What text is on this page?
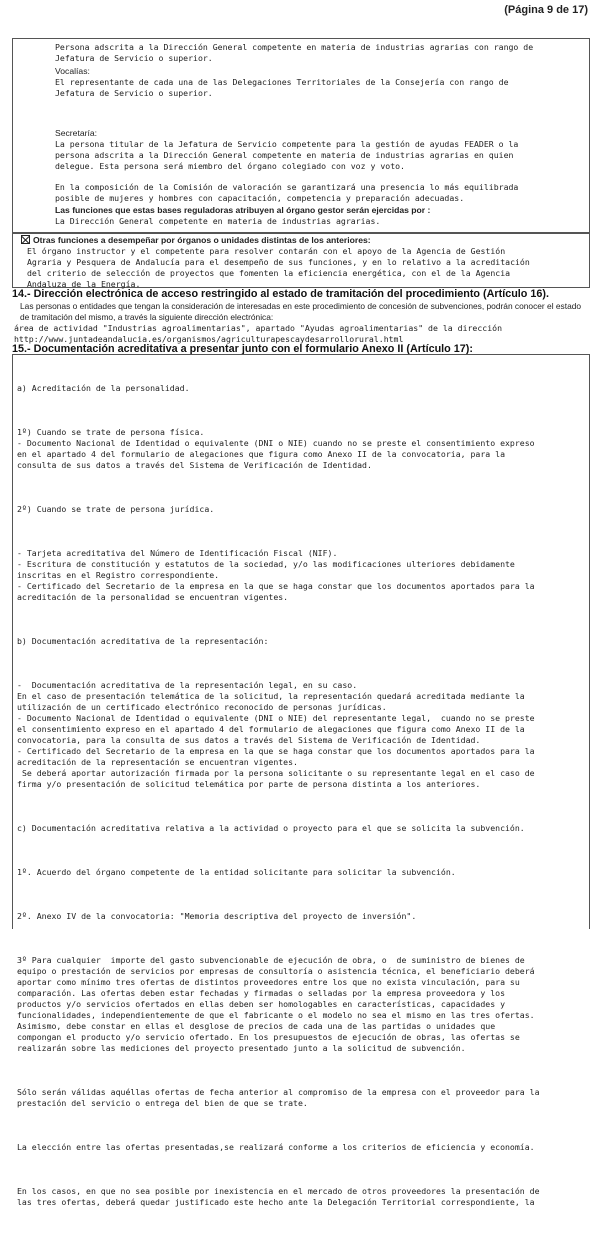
(Página 9 de 17)
Persona adscrita a la Dirección General competente en materia de industrias agrarias con rango de
Jefatura de Servicio o superior.
Vocalías:
El representante de cada una de las Delegaciones Territoriales de la Consejería con rango de
Jefatura de Servicio o superior.
Secretaría:
La persona titular de la Jefatura de Servicio competente para la gestión de ayudas FEADER o la
persona adscrita a la Dirección General competente en materia de industrias agrarias en quien
delegue. Esta persona será miembro del órgano colegiado con voz y voto.
En la composición de la Comisión de valoración se garantizará una presencia lo más equilibrada
posible de mujeres y hombres con capacitación, competencia y preparación adecuadas.
Las funciones que estas bases reguladoras atribuyen al órgano gestor serán ejercidas por :
La Dirección General competente en materia de industrias agrarias.
Otras funciones a desempeñar por órganos o unidades distintas de los anteriores:
El órgano instructor y el competente para resolver contarán con el apoyo de la Agencia de Gestión
Agraria y Pesquera de Andalucía para el desempeño de sus funciones, y en lo relativo a la acreditación
del criterio de selección de proyectos que fomenten la eficiencia energética, con el de la Agencia
Andaluza de la Energía.
14.- Dirección electrónica de acceso restringido al estado de tramitación del procedimiento (Artículo 16).
Las personas o entidades que tengan la consideración de interesadas en este procedimiento de concesión de subvenciones, podrán conocer el estado de tramitación del mismo, a través la siguiente dirección electrónica:
área de actividad "Industrias agroalimentarias", apartado "Ayudas agroalimentarias" de la dirección
http://www.juntadeandalucia.es/organismos/agriculturapescaydesarrollorural.html
15.- Documentación acreditativa a presentar junto con el formulario Anexo II (Artículo 17):

a) Acreditación de la personalidad.

1º) Cuando se trate de persona física.
- Documento Nacional de Identidad o equivalente (DNI o NIE) cuando no se preste el consentimiento expreso
en el apartado 4 del formulario de alegaciones que figura como Anexo II de la convocatoria, para la
consulta de sus datos a través del Sistema de Verificación de Identidad.

2º) Cuando se trate de persona jurídica.

- Tarjeta acreditativa del Número de Identificación Fiscal (NIF).
- Escritura de constitución y estatutos de la sociedad, y/o las modificaciones ulteriores debidamente
inscritas en el Registro correspondiente.
- Certificado del Secretario de la empresa en la que se haga constar que los documentos aportados para la
acreditación de la personalidad se encuentran vigentes.

b) Documentación acreditativa de la representación:

-  Documentación acreditativa de la representación legal, en su caso.
En el caso de presentación telemática de la solicitud, la representación quedará acreditada mediante la
utilización de un certificado electrónico reconocido de personas jurídicas.
- Documento Nacional de Identidad o equivalente (DNI o NIE) del representante legal,  cuando no se preste
el consentimiento expreso en el apartado 4 del formulario de alegaciones que figura como Anexo II de la
convocatoria, para la consulta de sus datos a través del Sistema de Verificación de Identidad.
- Certificado del Secretario de la empresa en la que se haga constar que los documentos aportados para la
acreditación de la representación se encuentran vigentes.
Se deberá aportar autorización firmada por la persona solicitante o su representante legal en el caso de
firma y/o presentación de solicitud telemática por parte de persona distinta a los anteriores.

c) Documentación acreditativa relativa a la actividad o proyecto para el que se solicita la subvención.

1º. Acuerdo del órgano competente de la entidad solicitante para solicitar la subvención.

2º. Anexo IV de la convocatoria: "Memoria descriptiva del proyecto de inversión".

3º Para cualquier  importe del gasto subvencionable de ejecución de obra, o  de suministro de bienes de
equipo o prestación de servicios por empresas de consultoría o asistencia técnica, el beneficiario deberá
aportar como mínimo tres ofertas de distintos proveedores entre los que no exista vinculación, para su
comparación. Las ofertas deben estar fechadas y firmadas o selladas por la empresa proveedora y los
productos y/o servicios ofertados en ellas deben ser homologables en características, capacidades y
funcionalidades, independientemente de que el fabricante o el modelo no sea el mismo en las tres ofertas.
Asimismo, debe constar en ellas el desglose de precios de cada una de las partidas o unidades que
compongan el producto y/o servicio ofertado. En los presupuestos de ejecución de obras, las ofertas se
realizarán sobre las mediciones del proyecto presentado junto a la solicitud de subvención.

Sólo serán válidas aquéllas ofertas de fecha anterior al compromiso de la empresa con el proveedor para la
prestación del servicio o entrega del bien de que se trate.

La elección entre las ofertas presentadas,se realizará conforme a los criterios de eficiencia y economía.

En los casos, en que no sea posible por inexistencia en el mercado de otros proveedores la presentación de
las tres ofertas, deberá quedar justificado este hecho ante la Delegación Territorial correspondiente, la
